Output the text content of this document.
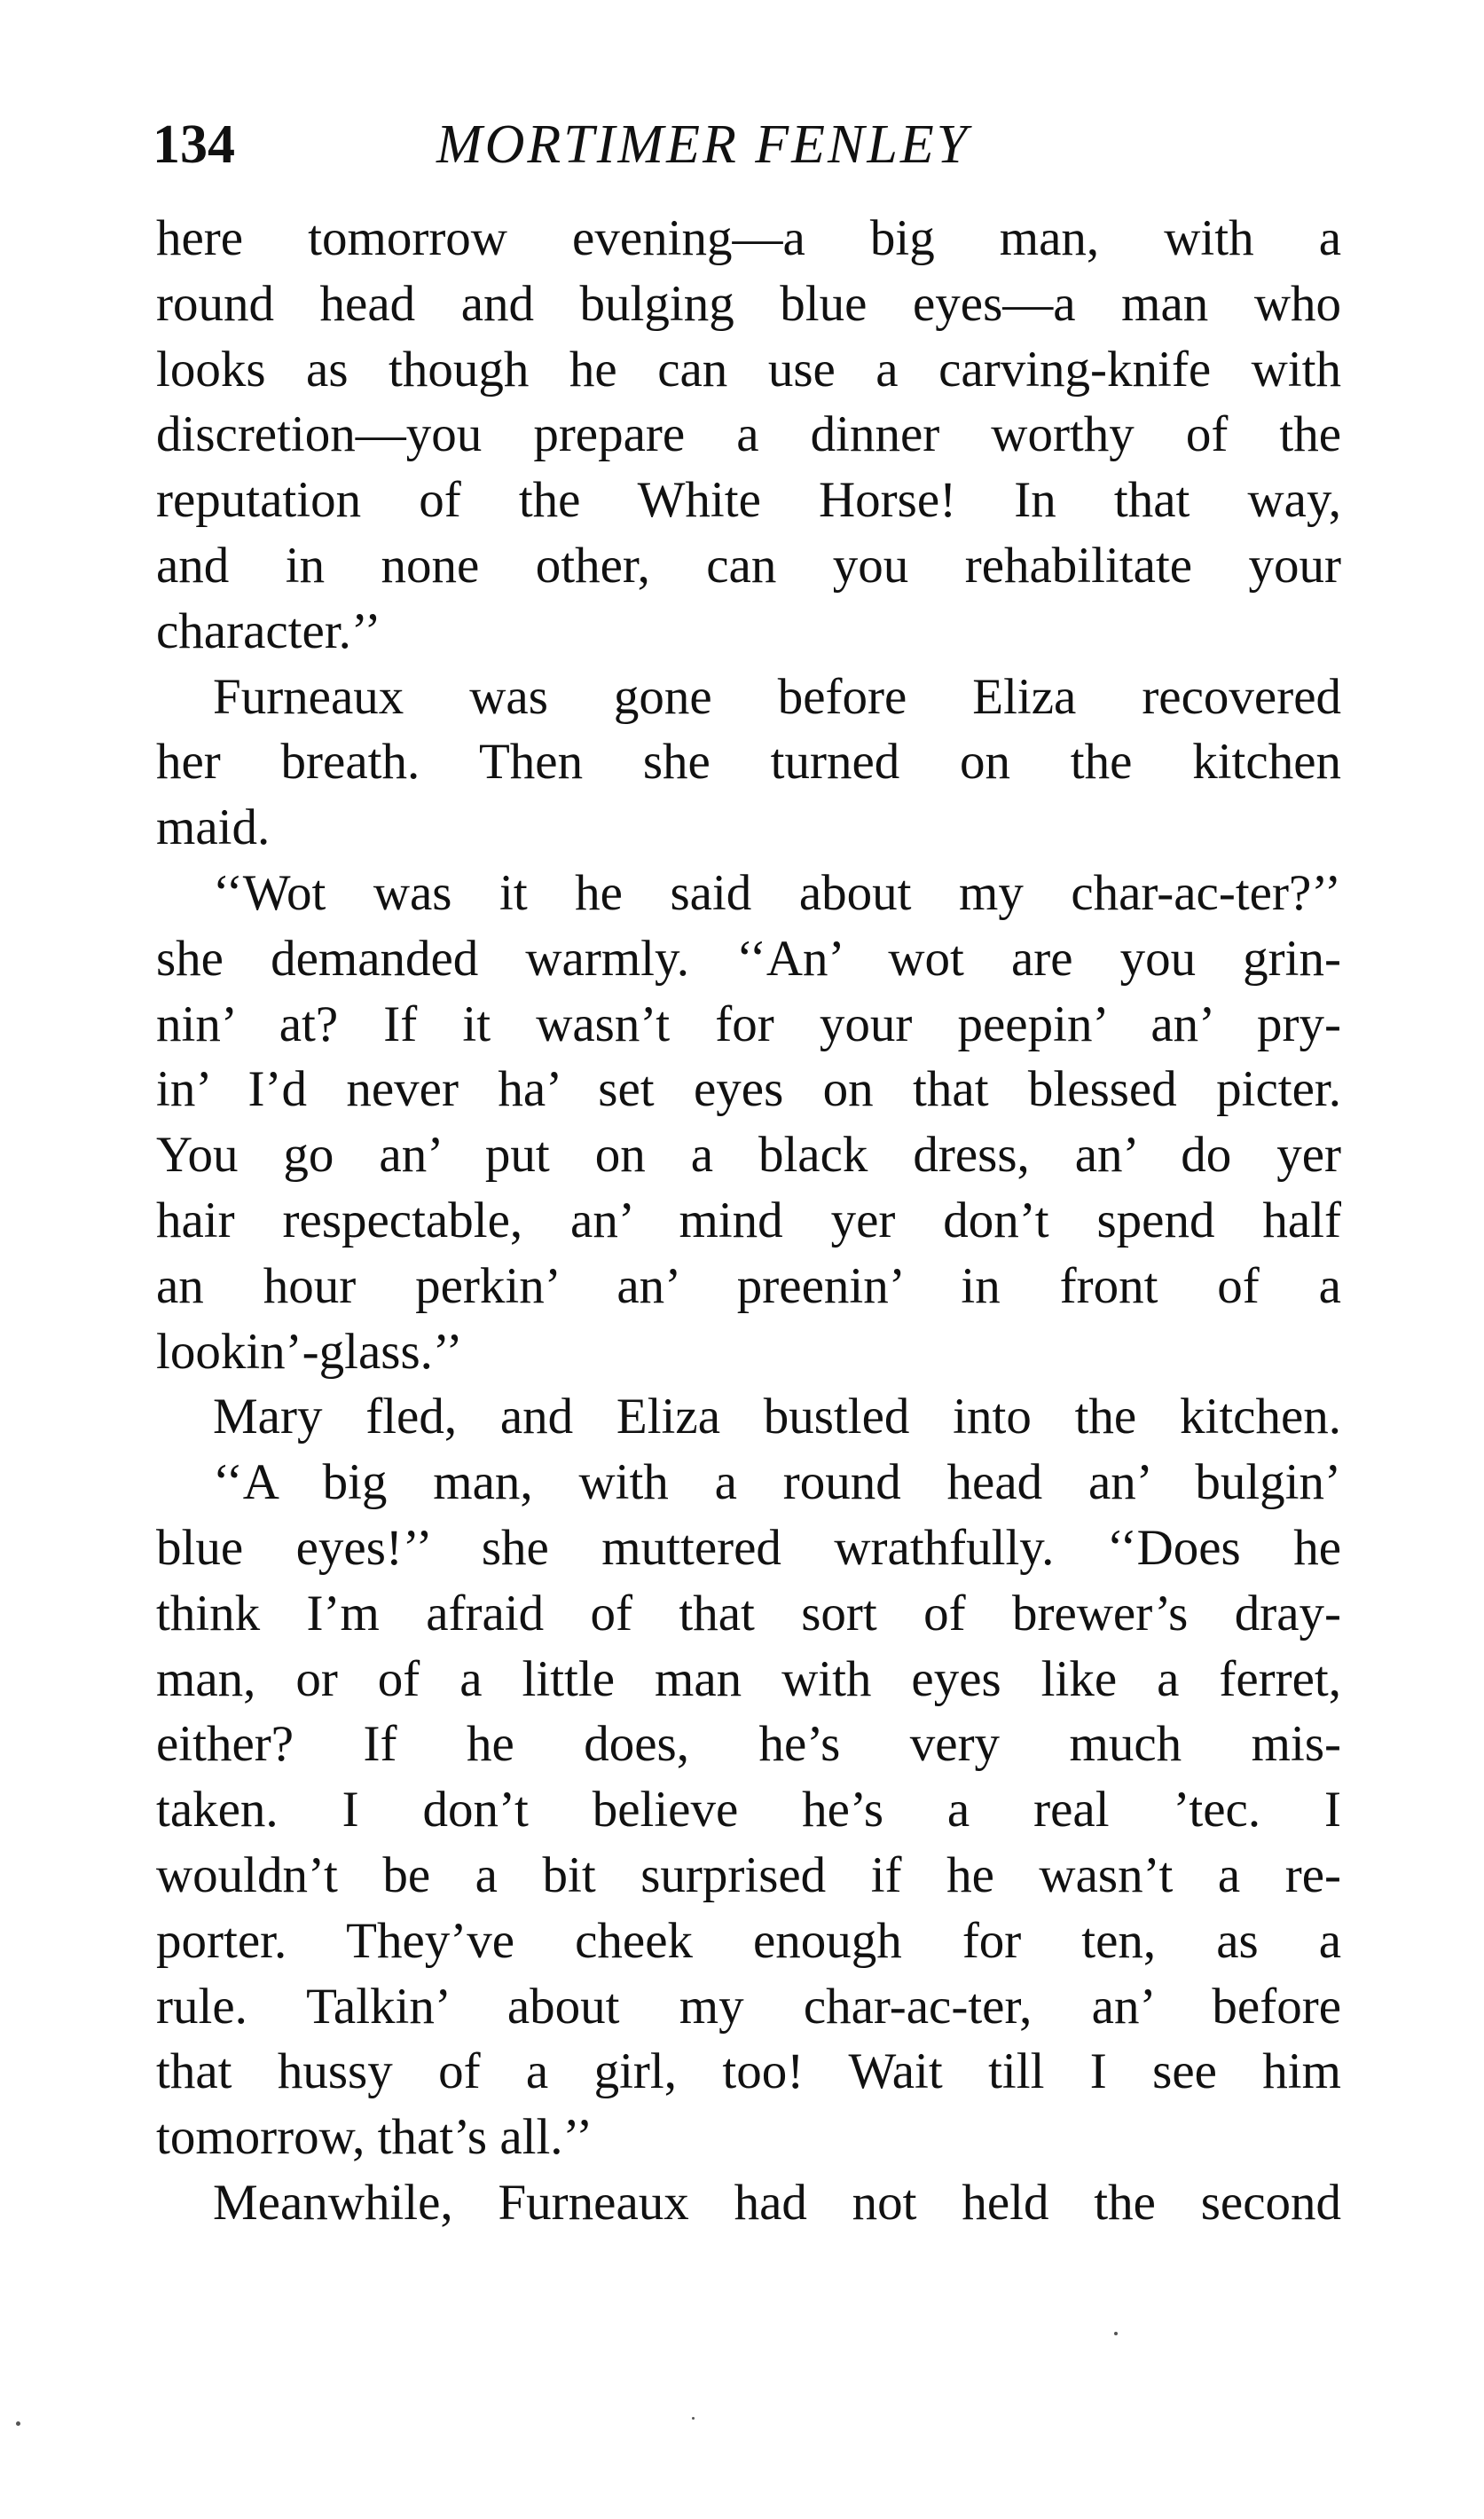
134	MORTIMER FENLEY
here tomorrow evening—a big man, with a
round head and bulging blue eyes—a man who
looks as though he can use a carving-knife with
discretion—you prepare a dinner worthy of the
reputation of the White Horse! In that way,
and in none other, can you rehabilitate your
character.’’
Furneaux was gone before Eliza recovered
her breath. Then she turned on the kitchen
maid.
‘‘Wot was it he said about my char-ac-ter?’’
she demanded warmly. ‘‘An’ wot are you grin-
nin’ at? If it wasn’t for your peepin’ an’ pry-
in’ I’d never ha’ set eyes on that blessed picter.
You go an’ put on a black dress, an’ do yer
hair respectable, an’ mind yer don’t spend half
an hour perkin’ an’ preenin’ in front of a
lookin’-glass.’’
Mary fled, and Eliza bustled into the kitchen.
‘‘A big man, with a round head an’ bulgin’
blue eyes!’’ she muttered wrathfully. ‘‘Does he
think I’m afraid of that sort of brewer’s dray-
man, or of a little man with eyes like a ferret,
either? If he does, he’s very much mis-
taken. I don’t believe he’s a real ’tec. I
wouldn’t be a bit surprised if he wasn’t a re-
porter. They’ve cheek enough for ten, as a
rule. Talkin’ about my char-ac-ter, an’ before
that hussy of a girl, too! Wait till I see him
tomorrow, that’s all.’’
Meanwhile, Furneaux had not held the second
